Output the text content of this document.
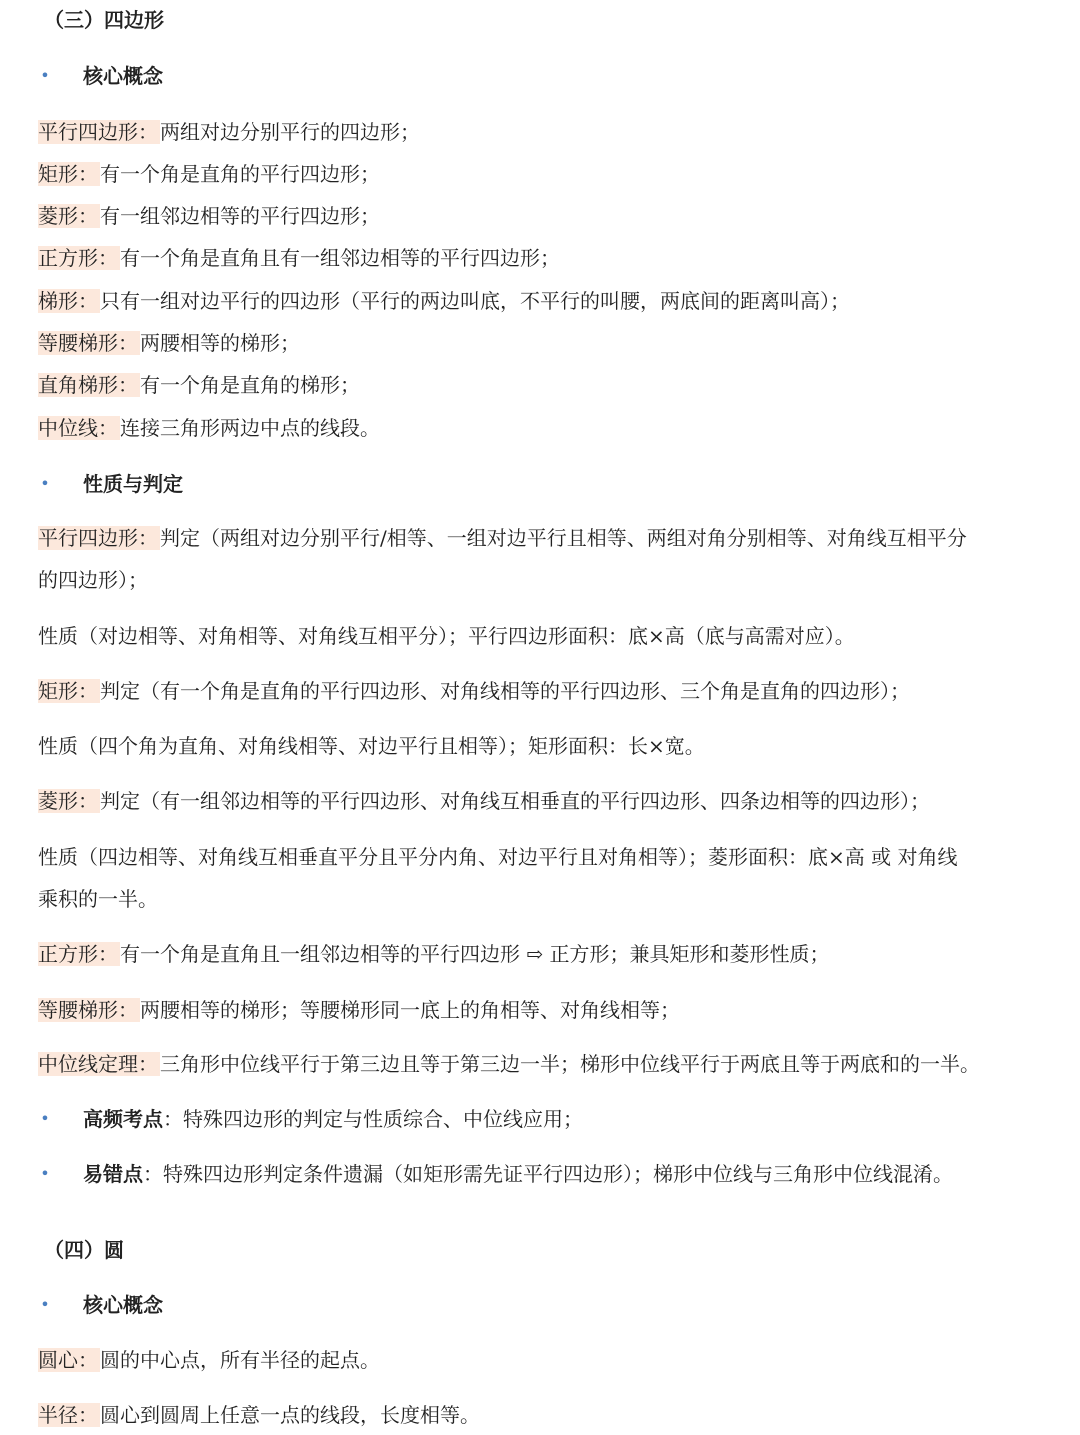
（三）四边形
• 核心概念
平行四边形： 两组对边分别平行的四边形；
矩形： 有一个角是直角的平行四边形；
菱形： 有一组邻边相等的平行四边形；
正方形： 有一个角是直角且有一组邻边相等的平行四边形；
梯形： 只有一组对边平行的四边形（平行的两边叫底，不平行的叫腰，两底间的距离叫高）；
等腰梯形： 两腰相等的梯形；
直角梯形： 有一个角是直角的梯形；
中位线： 连接三角形两边中点的线段。
• 性质与判定
平行四边形： 判定（两组对边分别平行/相等、一组对边平行且相等、两组对角分别相等、对角线互相平分
的四边形）；
性质（对边相等、对角相等、对角线互相平分）；平行四边形面积：底×高（底与高需对应）。
矩形： 判定（有一个角是直角的平行四边形、对角线相等的平行四边形、三个角是直角的四边形）；
性质（四个角为直角、对角线相等、对边平行且相等）；矩形面积：长×宽。
菱形： 判定（有一组邻边相等的平行四边形、对角线互相垂直的平行四边形、四条边相等的四边形）；
性质（四边相等、对角线互相垂直平分且平分内角、对边平行且对角相等）；菱形面积：底×高 或 对角线
乘积的一半。
正方形： 有一个角是直角且一组邻边相等的平行四边形 ⇨ 正方形；兼具矩形和菱形性质；
等腰梯形： 两腰相等的梯形；等腰梯形同一底上的角相等、对角线相等；
中位线定理： 三角形中位线平行于第三边且等于第三边一半；梯形中位线平行于两底且等于两底和的一半。
• 高频考点：特殊四边形的判定与性质综合、中位线应用；
• 易错点：特殊四边形判定条件遗漏（如矩形需先证平行四边形）；梯形中位线与三角形中位线混淆。
（四）圆
• 核心概念
圆心： 圆的中心点，所有半径的起点。
半径： 圆心到圆周上任意一点的线段，长度相等。
